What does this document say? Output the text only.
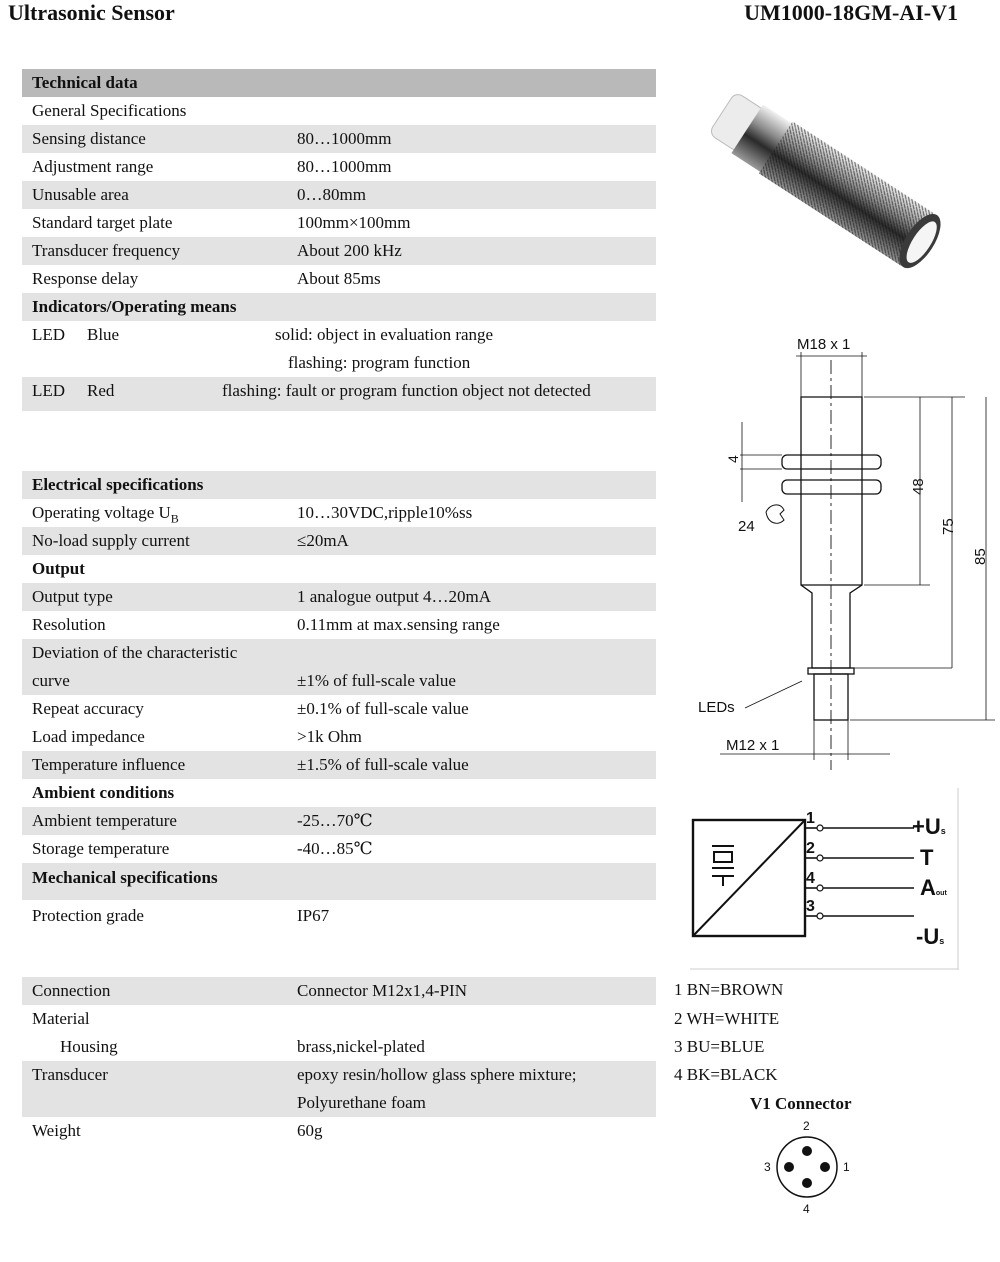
Ultrasonic Sensor	UM1000-18GM-AI-V1
Technical data
General Specifications
Sensing distance	80…1000mm
Adjustment range	80…1000mm
Unusable area	0…80mm
Standard target plate	100mm×100mm
Transducer frequency	About 200 kHz
Response delay	About 85ms
Indicators/Operating means
LED Blue	solid: object in evaluation range
flashing: program function
LED Red	flashing: fault or program function object not detected
Electrical specifications
Operating voltage $U_B$	10…30VDC,ripple10%ss
No-load supply current	≤20mA
Output
Output type	1 analogue output 4…20mA
Resolution	0.11mm at max.sensing range
Deviation of the characteristic
curve	±1% of full-scale value
Repeat accuracy	±0.1% of full-scale value
Load impedance	>1k Ohm
Temperature influence	±1.5% of full-scale value
Ambient conditions
Ambient temperature	-25…70℃
Storage temperature	-40…85℃
Mechanical specifications
Protection grade	IP67
Connection	Connector M12x1,4-PIN
Material
Housing	brass,nickel-plated
Transducer	epoxy resin/hollow glass sphere mixture;
Polyurethane foam
Weight	60g
M18 x 1
4
24
48
75
85
LEDs
M12 x 1
1
2
4
3
+Us
T
Aout
-Us
1 BN=BROWN
2 WH=WHITE
3 BU=BLUE
4 BK=BLACK
V1 Connector
2
3	1
4
